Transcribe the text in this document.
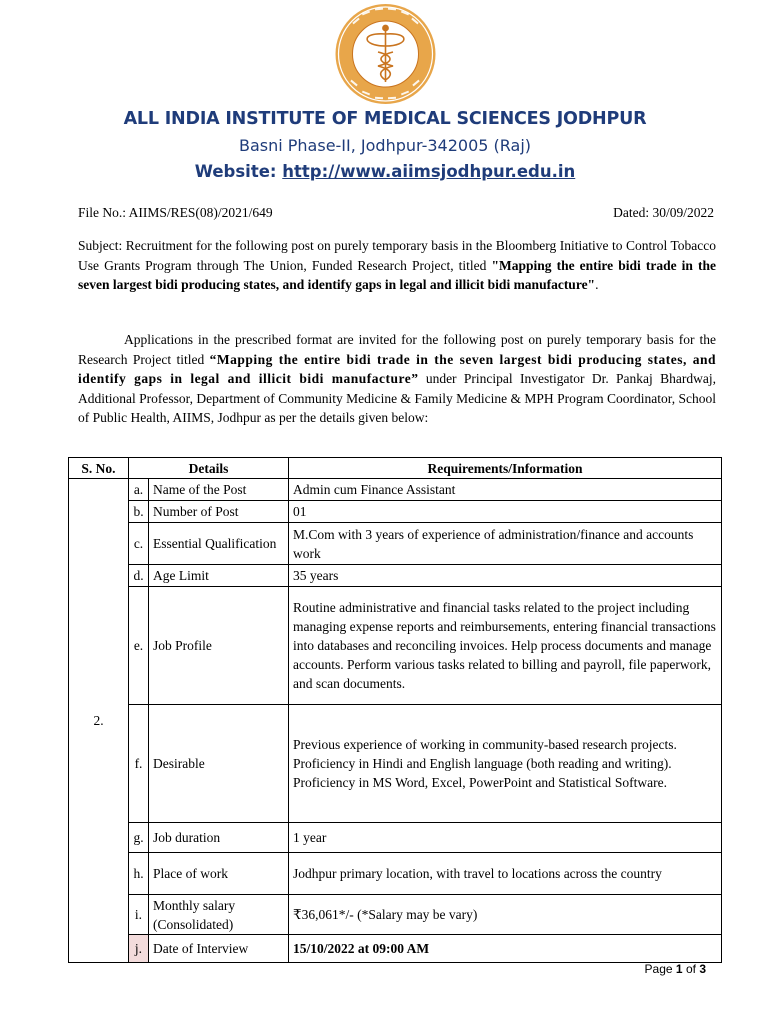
ALL INDIA INSTITUTE OF MEDICAL SCIENCES JODHPUR
Basni Phase-II, Jodhpur-342005 (Raj)
Website: http://www.aiimsjodhpur.edu.in
File No.: AIIMS/RES(08)/2021/649	Dated: 30/09/2022
Subject: Recruitment for the following post on purely temporary basis in the Bloomberg Initiative to Control Tobacco Use Grants Program through The Union, Funded Research Project, titled "Mapping the entire bidi trade in the seven largest bidi producing states, and identify gaps in legal and illicit bidi manufacture".
Applications in the prescribed format are invited for the following post on purely temporary basis for the Research Project titled “Mapping the entire bidi trade in the seven largest bidi producing states, and identify gaps in legal and illicit bidi manufacture” under Principal Investigator Dr. Pankaj Bhardwaj, Additional Professor, Department of Community Medicine & Family Medicine & MPH Program Coordinator, School of Public Health, AIIMS, Jodhpur as per the details given below:
S. No.	Details		Requirements/Information
2.	a.	Name of the Post	Admin cum Finance Assistant
	b.	Number of Post	01
	c.	Essential Qualification	M.Com with 3 years of experience of administration/finance and accounts work
	d.	Age Limit	35 years
	e.	Job Profile	Routine administrative and financial tasks related to the project including managing expense reports and reimbursements, entering financial transactions into databases and reconciling invoices. Help process documents and manage accounts. Perform various tasks related to billing and payroll, file paperwork, and scan documents.
	f.	Desirable	Previous experience of working in community-based research projects.
Proficiency in Hindi and English language (both reading and writing).
Proficiency in MS Word, Excel, PowerPoint and Statistical Software.

	g.	Job duration	1 year
	h.	Place of work	Jodhpur primary location, with travel to locations across the country
	i.	Monthly salary (Consolidated)	₹36,061*/- (*Salary may be vary)
	j.	Date of Interview	15/10/2022 at 09:00 AM
Page 1 of 3
